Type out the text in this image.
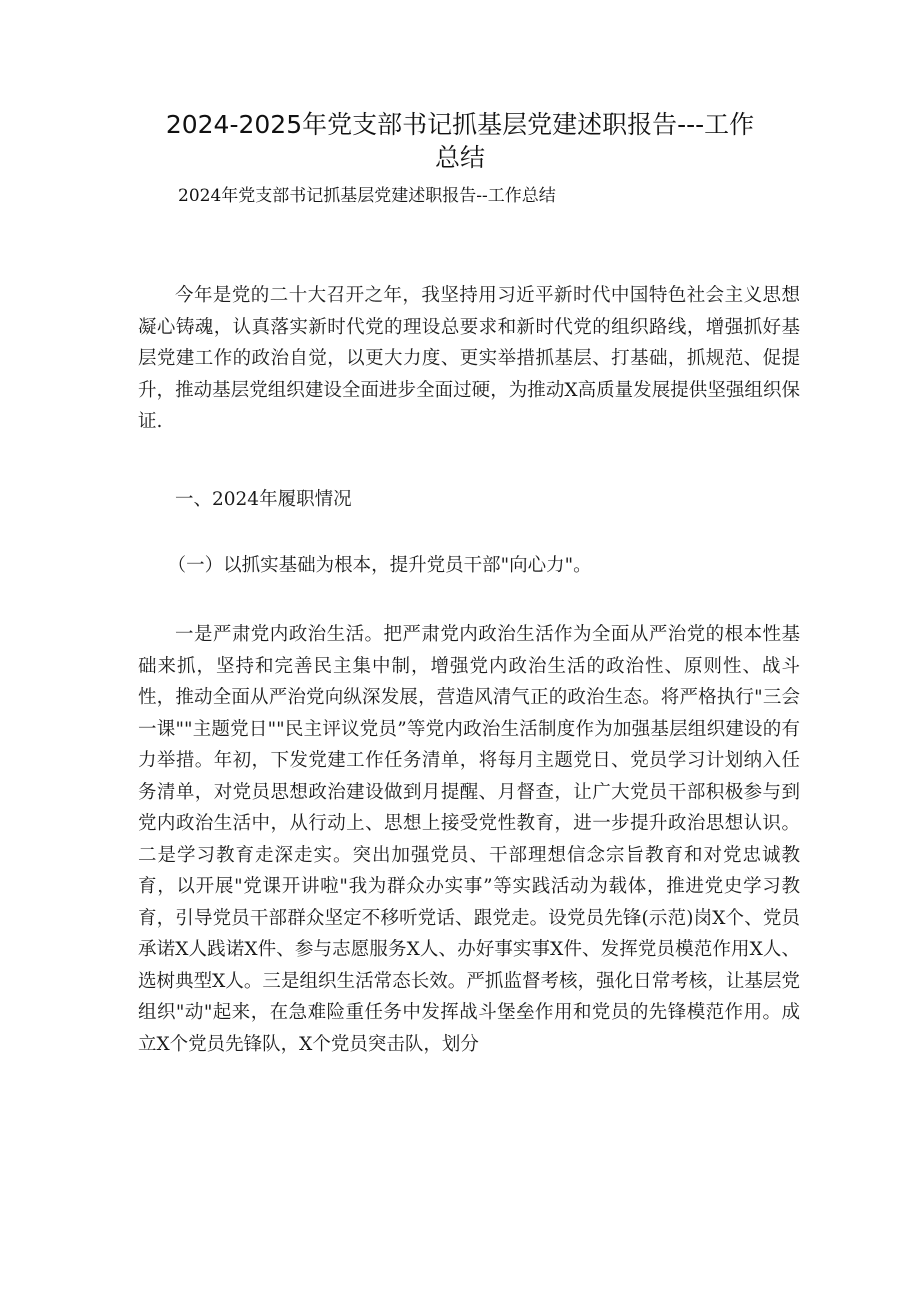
2024-2025年党支部书记抓基层党建述职报告---工作总结

2024年党支部书记抓基层党建述职报告--工作总结

今年是党的二十大召开之年，我坚持用习近平新时代中国特色社会主义思想凝心铸魂，认真落实新时代党的理设总要求和新时代党的组织路线，增强抓好基层党建工作的政治自觉，以更大力度、更实举措抓基层、打基础，抓规范、促提升，推动基层党组织建设全面进步全面过硬，为推动X高质量发展提供坚强组织保证.

一、2024年履职情况

（一）以抓实基础为根本，提升党员干部"向心力"。

一是严肃党内政治生活。把严肃党内政治生活作为全面从严治党的根本性基础来抓，坚持和完善民主集中制，增强党内政治生活的政治性、原则性、战斗性，推动全面从严治党向纵深发展，营造风清气正的政治生态。将严格执行"三会一课""主题党日""民主评议党员”等党内政治生活制度作为加强基层组织建设的有力举措。年初，下发党建工作任务清单，将每月主题党日、党员学习计划纳入任务清单，对党员思想政治建设做到月提醒、月督查，让广大党员干部积极参与到党内政治生活中，从行动上、思想上接受党性教育，进一步提升政治思想认识。二是学习教育走深走实。突出加强党员、干部理想信念宗旨教育和对党忠诚教育，以开展"党课开讲啦"我为群众办实事”等实践活动为载体，推进党史学习教育，引导党员干部群众坚定不移听党话、跟党走。设党员先锋(示范)岗X个、党员承诺X人践诺X件、参与志愿服务X人、办好事实事X件、发挥党员模范作用X人、选树典型X人。三是组织生活常态长效。严抓监督考核，强化日常考核，让基层党组织"动"起来，在急难险重任务中发挥战斗堡垒作用和党员的先锋模范作用。成立X个党员先锋队，X个党员突击队，划分
